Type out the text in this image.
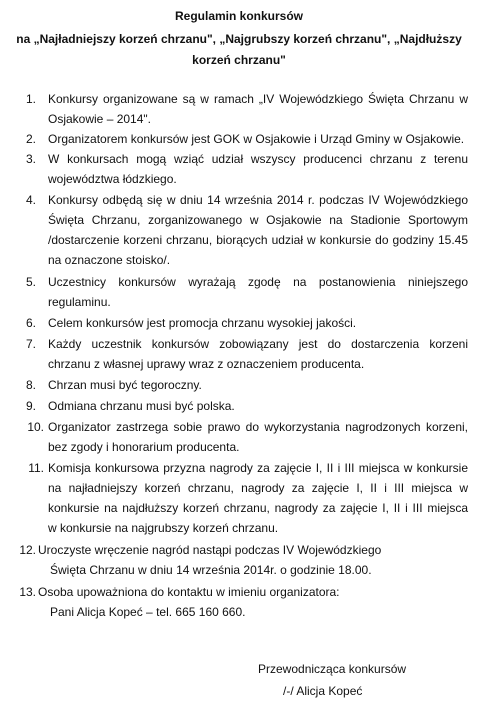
Regulamin konkursów
na „Najładniejszy korzeń chrzanu", „Najgrubszy korzeń chrzanu", „Najdłuższy
korzeń chrzanu"
1. Konkursy organizowane są w ramach „IV Wojewódzkiego Święta Chrzanu w
Osjakowie – 2014".
2. Organizatorem konkursów jest GOK w Osjakowie i Urząd Gminy w Osjakowie.
3. W konkursach mogą wziąć udział wszyscy producenci chrzanu z terenu
województwa łódzkiego.
4. Konkursy odbędą się w dniu 14 września 2014 r. podczas IV Wojewódzkiego
Święta Chrzanu, zorganizowanego w Osjakowie na Stadionie Sportowym
/dostarczenie korzeni chrzanu, biorących udział w konkursie do godziny 15.45
na oznaczone stoisko/.
5. Uczestnicy konkursów wyrażają zgodę na postanowienia niniejszego
regulaminu.
6. Celem konkursów jest promocja chrzanu wysokiej jakości.
7. Każdy uczestnik konkursów zobowiązany jest do dostarczenia korzeni
chrzanu z własnej uprawy wraz z oznaczeniem producenta.
8. Chrzan musi być tegoroczny.
9. Odmiana chrzanu musi być polska.
10. Organizator zastrzega sobie prawo do wykorzystania nagrodzonych korzeni,
bez zgody i honorarium producenta.
11. Komisja konkursowa przyzna nagrody za zajęcie I, II i III miejsca w konkursie
na najładniejszy korzeń chrzanu, nagrody za zajęcie I, II i III miejsca w
konkursie na najdłuższy korzeń chrzanu, nagrody za zajęcie I, II i III miejsca
w konkursie na najgrubszy korzeń chrzanu.
12. Uroczyste wręczenie nagród nastąpi podczas IV Wojewódzkiego
Święta Chrzanu w dniu 14 września 2014r. o godzinie 18.00.
13. Osoba upoważniona do kontaktu w imieniu organizatora:
Pani Alicja Kopeć – tel. 665 160 660.
Przewodnicząca konkursów
/-/ Alicja Kopeć
